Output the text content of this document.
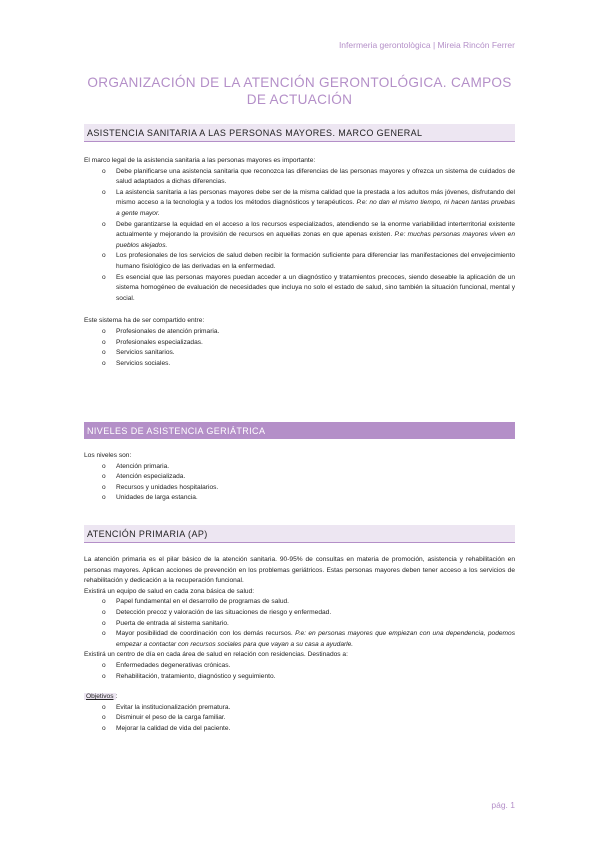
Infermeria gerontològica | Mireia Rincón Ferrer
ORGANIZACIÓN DE LA ATENCIÓN GERONTOLÓGICA. CAMPOS DE ACTUACIÓN
ASISTENCIA SANITARIA A LAS PERSONAS MAYORES. MARCO GENERAL

El marco legal de la asistencia sanitaria a las personas mayores es importante:

o Debe planificarse una asistencia sanitaria que reconozca las diferencias de las personas mayores y ofrezca un sistema de cuidados de salud adaptados a dichas diferencias.
o La asistencia sanitaria a las personas mayores debe ser de la misma calidad que la prestada a los adultos más jóvenes, disfrutando del mismo acceso a la tecnología y a todos los métodos diagnósticos y terapéuticos. P.e: no dan el mismo tiempo, ni hacen tantas pruebas a gente mayor.
o Debe garantizarse la equidad en el acceso a los recursos especializados, atendiendo se la enorme variabilidad interterritorial existente actualmente y mejorando la provisión de recursos en aquellas zonas en que apenas existen. P.e: muchas personas mayores viven en pueblos alejados.
o Los profesionales de los servicios de salud deben recibir la formación suficiente para diferenciar las manifestaciones del envejecimiento humano fisiológico de las derivadas en la enfermedad.
o Es esencial que las personas mayores puedan acceder a un diagnóstico y tratamientos precoces, siendo deseable la aplicación de un sistema homogéneo de evaluación de necesidades que incluya no solo el estado de salud, sino también la situación funcional, mental y social.

Este sistema ha de ser compartido entre:

o Profesionales de atención primaria.
o Profesionales especializadas.
o Servicios sanitarios.
o Servicios sociales.
NIVELES DE ASISTENCIA GERIÁTRICA

Los niveles son:

o Atención primaria.
o Atención especializada.
o Recursos y unidades hospitalarios.
o Unidades de larga estancia.
ATENCIÓN PRIMARIA (AP)

La atención primaria es el pilar básico de la atención sanitaria. 90-95% de consultas en materia de promoción, asistencia y rehabilitación en personas mayores. Aplican acciones de prevención en los problemas geriátricos. Estas personas mayores deben tener acceso a los servicios de rehabilitación y dedicación a la recuperación funcional.

Existirá un equipo de salud en cada zona básica de salud:

o Papel fundamental en el desarrollo de programas de salud.
o Detección precoz y valoración de las situaciones de riesgo y enfermedad.
o Puerta de entrada al sistema sanitario.
o Mayor posibilidad de coordinación con los demás recursos. P.e: en personas mayores que empiezan con una dependencia, podemos empezar a contactar con recursos sociales para que vayan a su casa a ayudarle.

Existirá un centro de día en cada área de salud en relación con residencias. Destinados a:

o Enfermedades degenerativas crónicas.
o Rehabilitación, tratamiento, diagnóstico y seguimiento.

Objetivos :

o Evitar la institucionalización prematura.
o Disminuir el peso de la carga familiar.
o Mejorar la calidad de vida del paciente.
pág. 1
